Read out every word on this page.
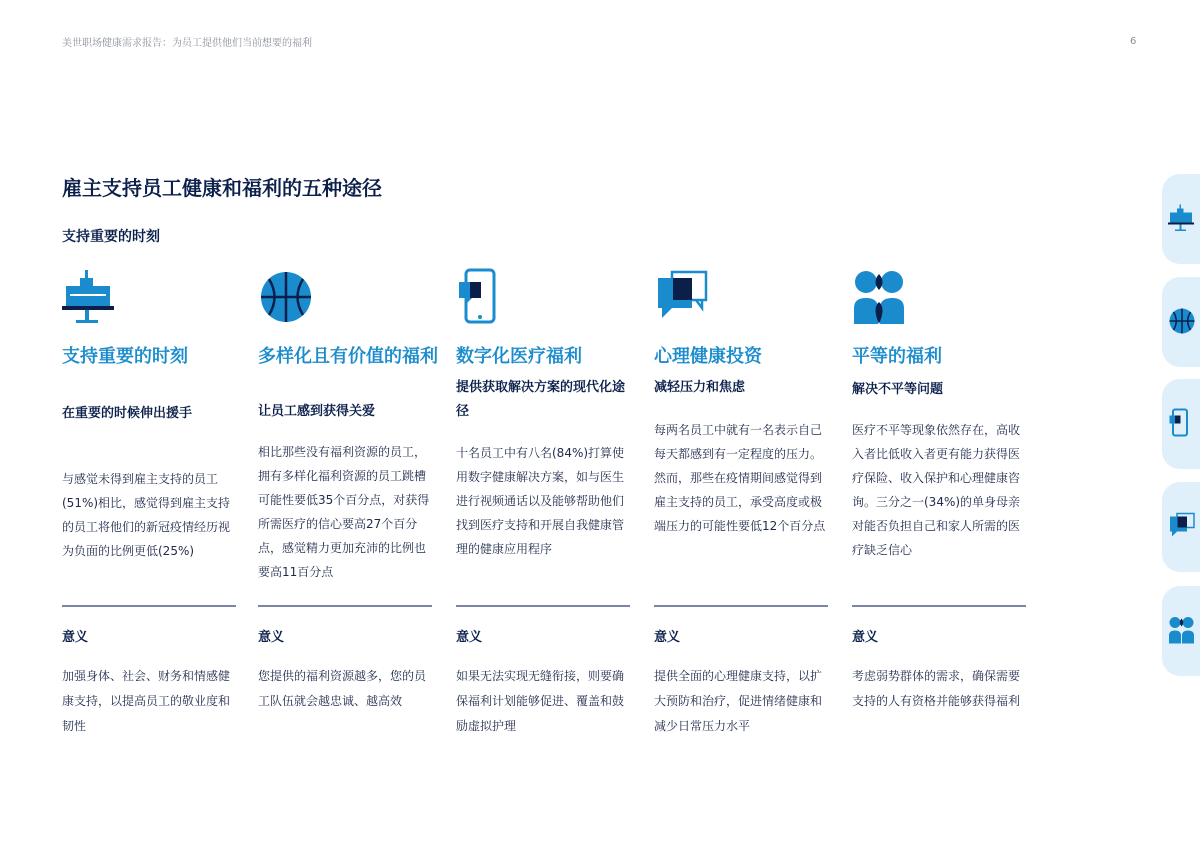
美世职场健康需求报告：为员工提供他们当前想要的福利	6
雇主支持员工健康和福利的五种途径
支持重要的时刻
支持重要的时刻
在重要的时候伸出援手
与感觉未得到雇主支持的员工(51%)相比，感觉得到雇主支持的员工将他们的新冠疫情经历视为负面的比例更低(25%)
意义
加强身体、社会、财务和情感健康支持，以提高员工的敬业度和韧性
多样化且有价值的福利
让员工感到获得关爱
相比那些没有福利资源的员工，拥有多样化福利资源的员工跳槽可能性要低35个百分点，对获得所需医疗的信心要高27个百分点，感觉精力更加充沛的比例也要高11百分点
意义
您提供的福利资源越多，您的员工队伍就会越忠诚、越高效
数字化医疗福利
提供获取解决方案的现代化途径
十名员工中有八名(84%)打算使用数字健康解决方案，如与医生进行视频通话以及能够帮助他们找到医疗支持和开展自我健康管理的健康应用程序
意义
如果无法实现无缝衔接，则要确保福利计划能够促进、覆盖和鼓励虚拟护理
心理健康投资
减轻压力和焦虑
每两名员工中就有一名表示自己每天都感到有一定程度的压力。然而，那些在疫情期间感觉得到雇主支持的员工，承受高度或极端压力的可能性要低12个百分点
意义
提供全面的心理健康支持，以扩大预防和治疗，促进情绪健康和减少日常压力水平
平等的福利
解决不平等问题
医疗不平等现象依然存在，高收入者比低收入者更有能力获得医疗保险、收入保护和心理健康咨询。三分之一(34%)的单身母亲对能否负担自己和家人所需的医疗缺乏信心
意义
考虑弱势群体的需求，确保需要支持的人有资格并能够获得福利
